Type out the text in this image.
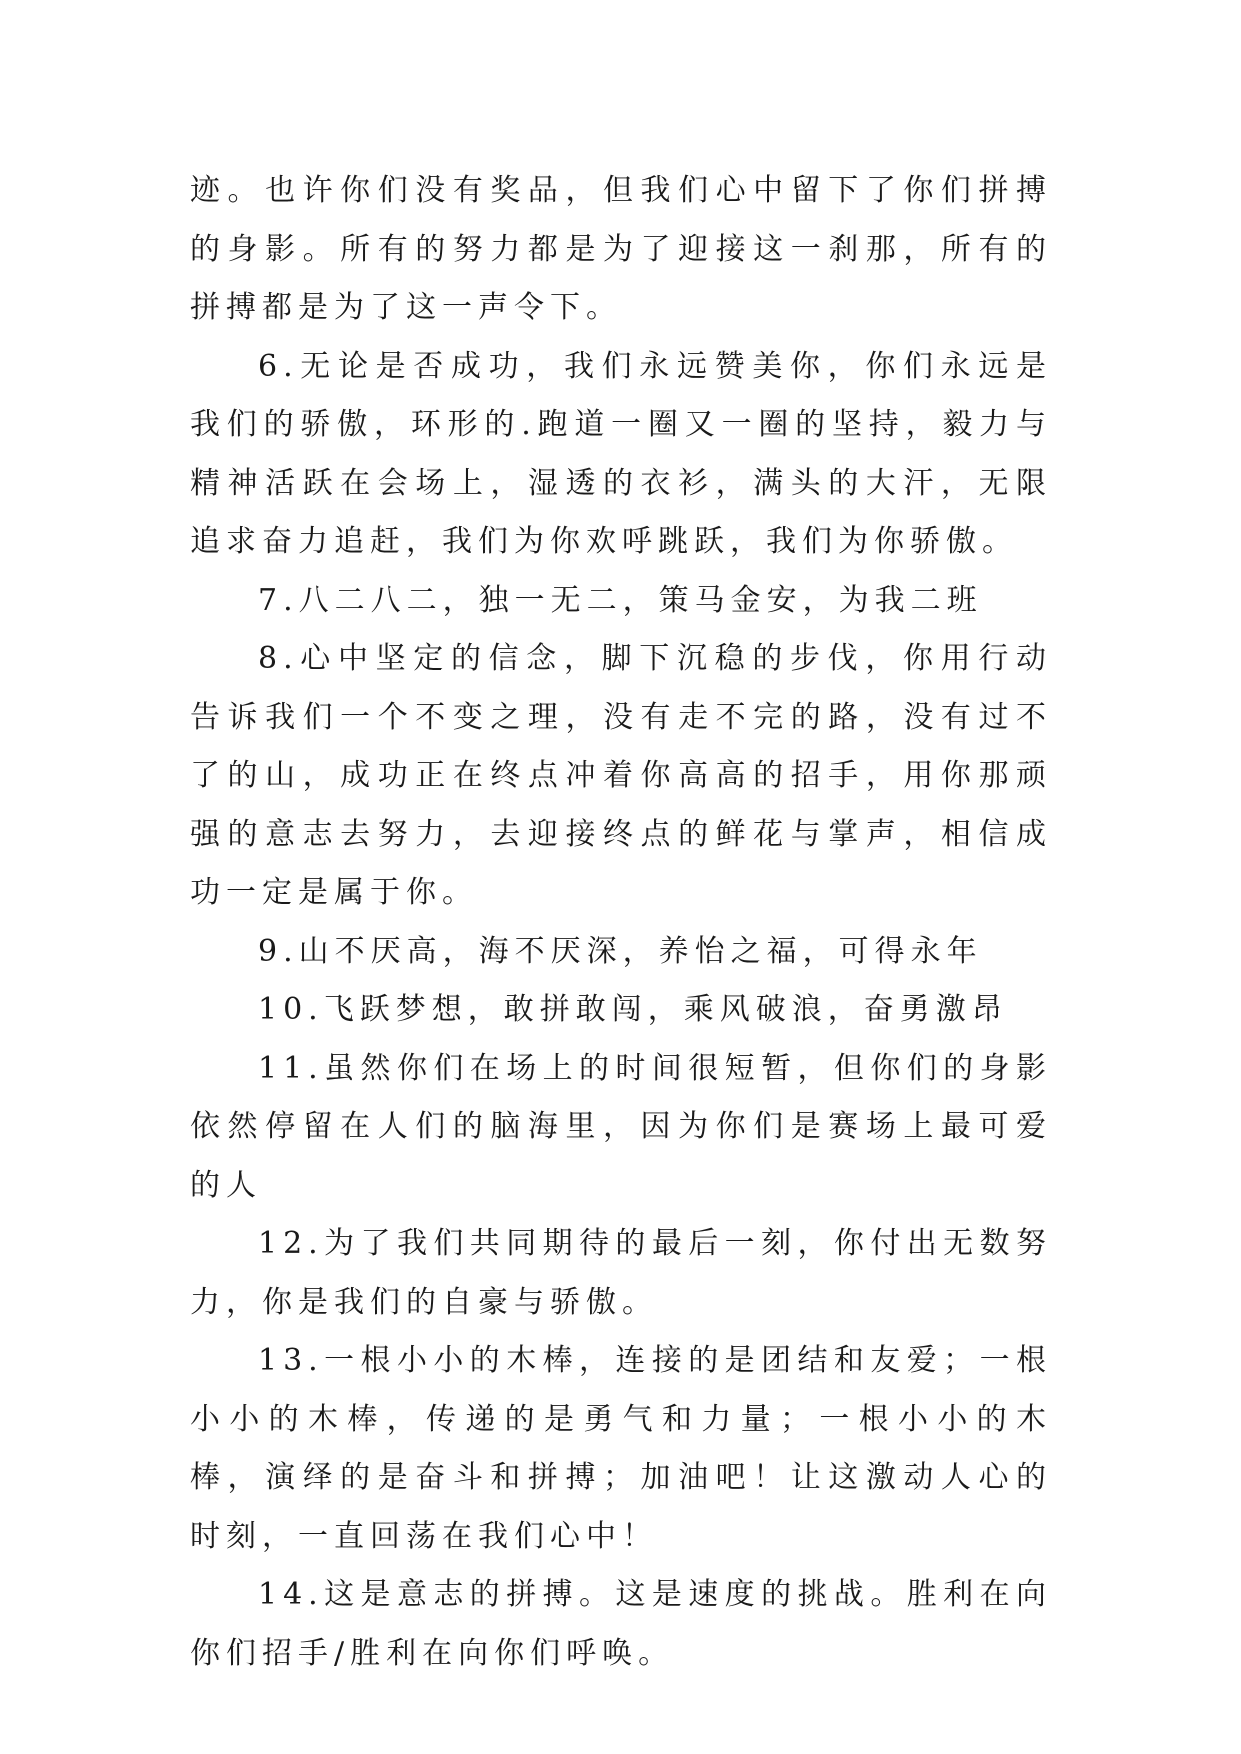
迹。也许你们没有奖品，但我们心中留下了你们拼搏的身影。所有的努力都是为了迎接这一刹那，所有的拼搏都是为了这一声令下。

6.无论是否成功，我们永远赞美你，你们永远是我们的骄傲，环形的.跑道一圈又一圈的坚持，毅力与精神活跃在会场上，湿透的衣衫，满头的大汗，无限追求奋力追赶，我们为你欢呼跳跃，我们为你骄傲。

7.八二八二，独一无二，策马金安，为我二班

8.心中坚定的信念，脚下沉稳的步伐，你用行动告诉我们一个不变之理，没有走不完的路，没有过不了的山，成功正在终点冲着你高高的招手，用你那顽强的意志去努力，去迎接终点的鲜花与掌声，相信成功一定是属于你。

9.山不厌高，海不厌深，养怡之福，可得永年

10.飞跃梦想，敢拼敢闯，乘风破浪，奋勇激昂

11.虽然你们在场上的时间很短暂，但你们的身影依然停留在人们的脑海里，因为你们是赛场上最可爱的人

12.为了我们共同期待的最后一刻，你付出无数努力，你是我们的自豪与骄傲。

13.一根小小的木棒，连接的是团结和友爱；一根小小的木棒，传递的是勇气和力量；一根小小的木棒，演绎的是奋斗和拼搏；加油吧！让这激动人心的时刻，一直回荡在我们心中！

14.这是意志的拼搏。这是速度的挑战。胜利在向你们招手/胜利在向你们呼唤。
